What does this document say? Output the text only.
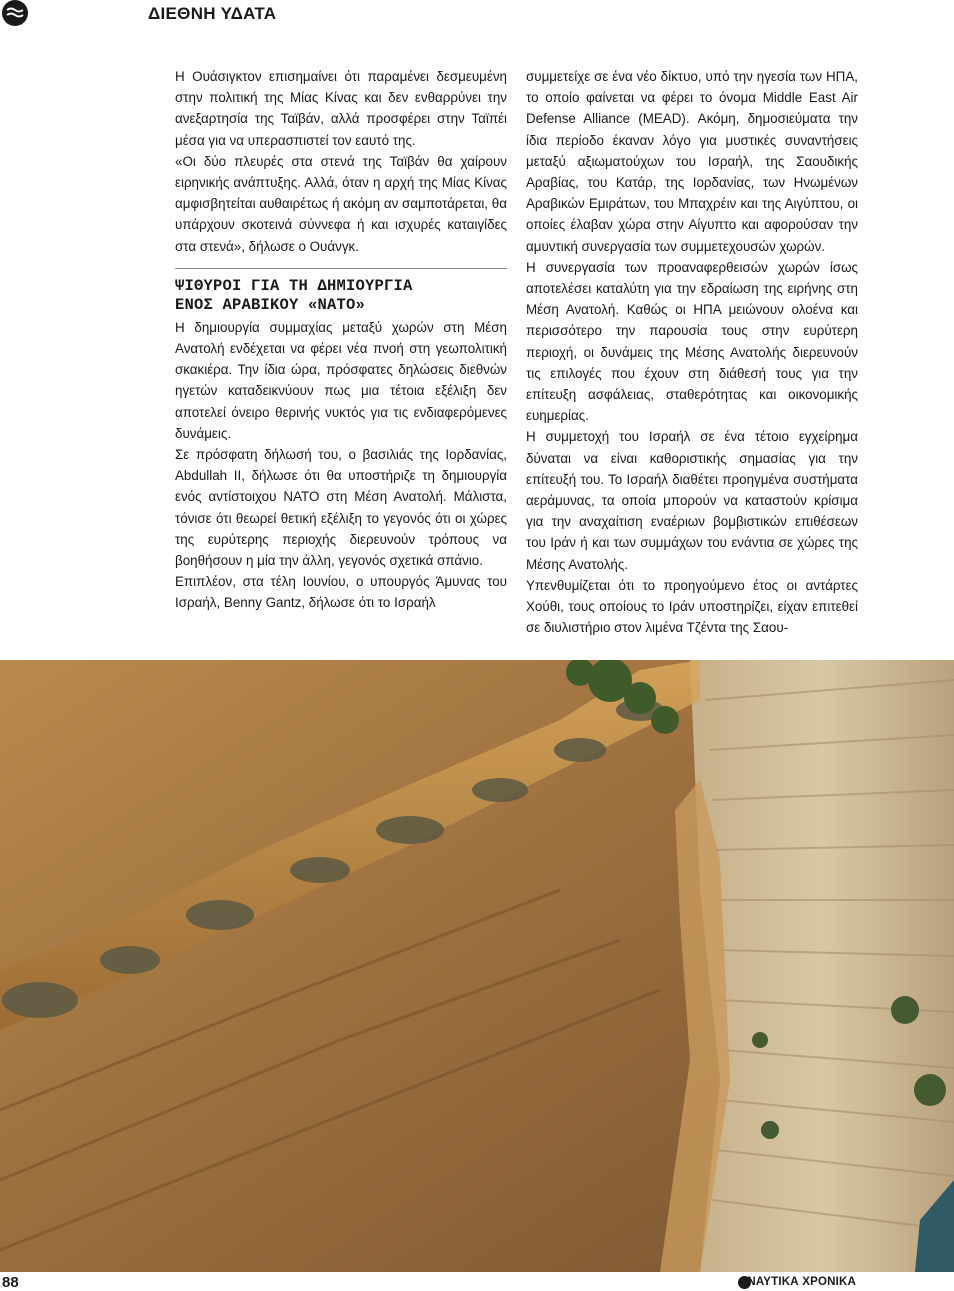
ΔΙΕΘΝΗ ΥΔΑΤΑ

Η Ουάσιγκτον επισημαίνει ότι παραμένει δεσμευμένη στην πολιτική της Μίας Κίνας και δεν ενθαρρύνει την ανεξαρτησία της Ταϊβάν, αλλά προσφέρει στην Ταϊπέι μέσα για να υπερασπιστεί τον εαυτό της.

«Οι δύο πλευρές στα στενά της Ταϊβάν θα χαίρουν ειρηνικής ανάπτυξης. Αλλά, όταν η αρχή της Μίας Κίνας αμφισβητείται αυθαιρέτως ή ακόμη αν σαμποτάρεται, θα υπάρχουν σκοτεινά σύννεφα ή και ισχυρές καταιγίδες στα στενά», δήλωσε ο Ουάνγκ.

ΨΙΘΥΡΟΙ ΓΙΑ ΤΗ ΔΗΜΙΟΥΡΓΙΑ
ΕΝΟΣ ΑΡΑΒΙΚΟΥ «ΝΑΤΟ»

Η δημιουργία συμμαχίας μεταξύ χωρών στη Μέση Ανατολή ενδέχεται να φέρει νέα πνοή στη γεωπολιτική σκακιέρα. Την ίδια ώρα, πρόσφατες δηλώσεις διεθνών ηγετών καταδεικνύουν πως μια τέτοια εξέλιξη δεν αποτελεί όνειρο θερινής νυκτός για τις ενδιαφερόμενες δυνάμεις.

Σε πρόσφατη δήλωσή του, ο βασιλιάς της Ιορδανίας, Abdullah II, δήλωσε ότι θα υποστήριζε τη δημιουργία ενός αντίστοιχου ΝΑΤΟ στη Μέση Ανατολή. Μάλιστα, τόνισε ότι θεωρεί θετική εξέλιξη το γεγονός ότι οι χώρες της ευρύτερης περιοχής διερευνούν τρόπους να βοηθήσουν η μία την άλλη, γεγονός σχετικά σπάνιο.

Επιπλέον, στα τέλη Ιουνίου, ο υπουργός Άμυνας του Ισραήλ, Benny Gantz, δήλωσε ότι το Ισραήλ

συμμετείχε σε ένα νέο δίκτυο, υπό την ηγεσία των ΗΠΑ, το οποίο φαίνεται να φέρει το όνομα Middle East Air Defense Alliance (MEAD). Ακόμη, δημοσιεύματα την ίδια περίοδο έκαναν λόγο για μυστικές συναντήσεις μεταξύ αξιωματούχων του Ισραήλ, της Σαουδικής Αραβίας, του Κατάρ, της Ιορδανίας, των Ηνωμένων Αραβικών Εμιράτων, του Μπαχρέιν και της Αιγύπτου, οι οποίες έλαβαν χώρα στην Αίγυπτο και αφορούσαν την αμυντική συνεργασία των συμμετεχουσών χωρών.

Η συνεργασία των προαναφερθεισών χωρών ίσως αποτελέσει καταλύτη για την εδραίωση της ειρήνης στη Μέση Ανατολή. Καθώς οι ΗΠΑ μειώνουν ολοένα και περισσότερο την παρουσία τους στην ευρύτερη περιοχή, οι δυνάμεις της Μέσης Ανατολής διερευνούν τις επιλογές που έχουν στη διάθεσή τους για την επίτευξη ασφάλειας, σταθερότητας και οικονομικής ευημερίας.

Η συμμετοχή του Ισραήλ σε ένα τέτοιο εγχείρημα δύναται να είναι καθοριστικής σημασίας για την επίτευξή του. Το Ισραήλ διαθέτει προηγμένα συστήματα αεράμυνας, τα οποία μπορούν να καταστούν κρίσιμα για την αναχαίτιση εναέριων βομβιστικών επιθέσεων του Ιράν ή και των συμμάχων του ενάντια σε χώρες της Μέσης Ανατολής.

Υπενθυμίζεται ότι το προηγούμενο έτος οι αντάρτες Χούθι, τους οποίους το Ιράν υποστηρίζει, είχαν επιτεθεί σε διυλιστήριο στον λιμένα Τζέντα της Σαου-

88	ΝΑΥΤΙΚΑ ΧΡΟΝΙΚΑ
